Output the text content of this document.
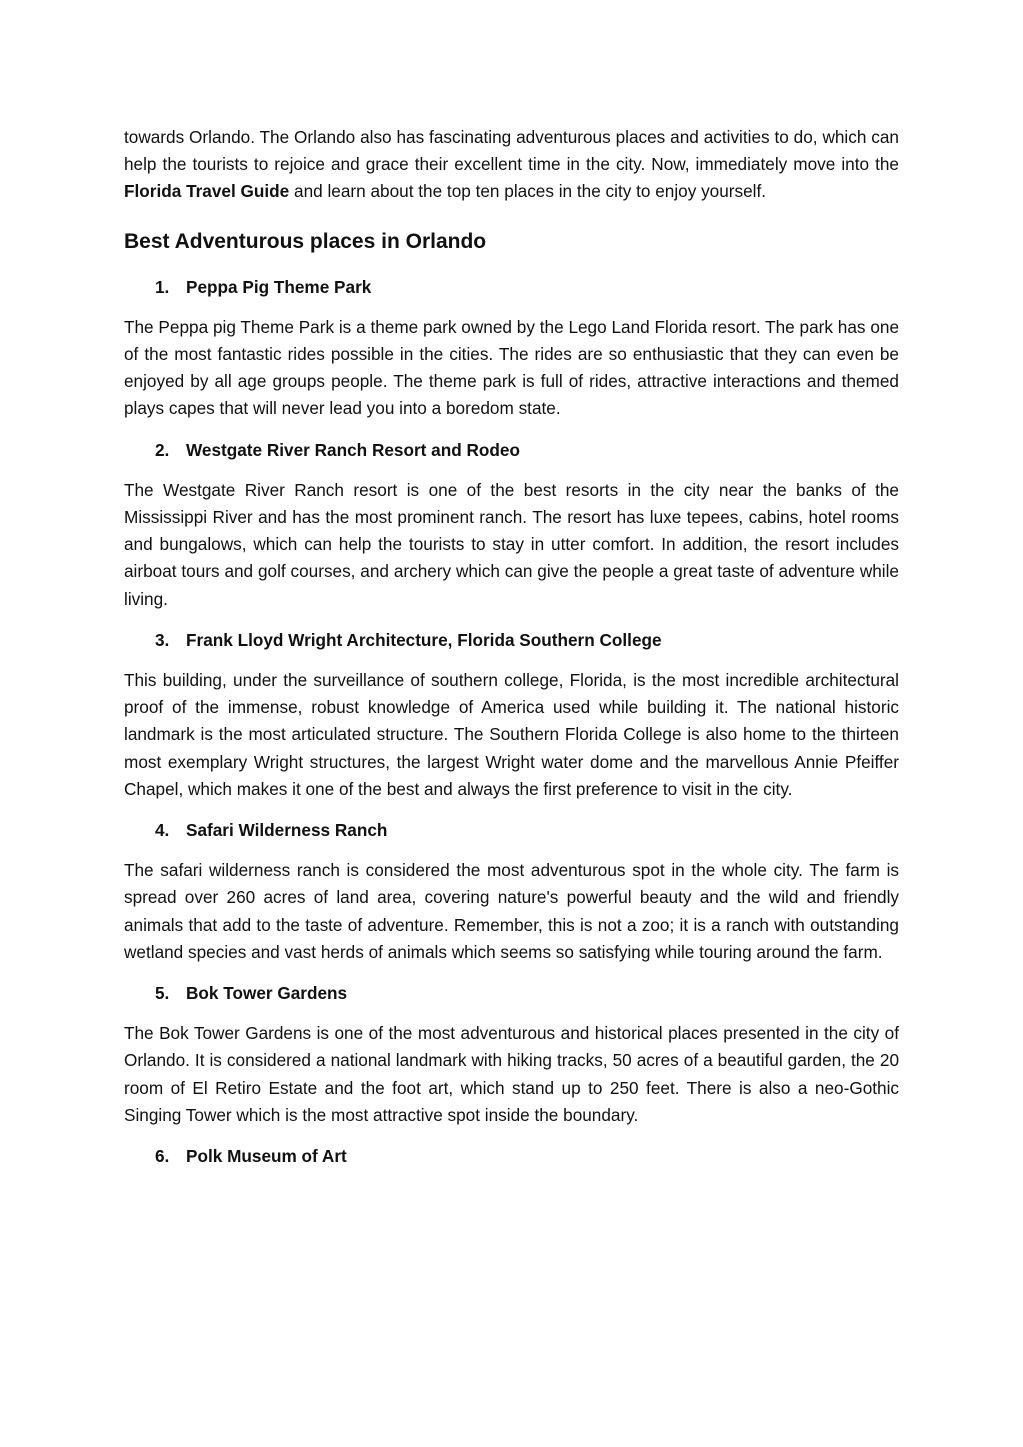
towards Orlando. The Orlando also has fascinating adventurous places and activities to do, which can help the tourists to rejoice and grace their excellent time in the city. Now, immediately move into the Florida Travel Guide and learn about the top ten places in the city to enjoy yourself.

Best Adventurous places in Orlando
1. Peppa Pig Theme Park

The Peppa pig Theme Park is a theme park owned by the Lego Land Florida resort. The park has one of the most fantastic rides possible in the cities. The rides are so enthusiastic that they can even be enjoyed by all age groups people. The theme park is full of rides, attractive interactions and themed plays capes that will never lead you into a boredom state.

2. Westgate River Ranch Resort and Rodeo

The Westgate River Ranch resort is one of the best resorts in the city near the banks of the Mississippi River and has the most prominent ranch. The resort has luxe tepees, cabins, hotel rooms and bungalows, which can help the tourists to stay in utter comfort. In addition, the resort includes airboat tours and golf courses, and archery which can give the people a great taste of adventure while living.

3. Frank Lloyd Wright Architecture, Florida Southern College

This building, under the surveillance of southern college, Florida, is the most incredible architectural proof of the immense, robust knowledge of America used while building it. The national historic landmark is the most articulated structure. The Southern Florida College is also home to the thirteen most exemplary Wright structures, the largest Wright water dome and the marvellous Annie Pfeiffer Chapel, which makes it one of the best and always the first preference to visit in the city.

4. Safari Wilderness Ranch

The safari wilderness ranch is considered the most adventurous spot in the whole city. The farm is spread over 260 acres of land area, covering nature's powerful beauty and the wild and friendly animals that add to the taste of adventure. Remember, this is not a zoo; it is a ranch with outstanding wetland species and vast herds of animals which seems so satisfying while touring around the farm.

5. Bok Tower Gardens

The Bok Tower Gardens is one of the most adventurous and historical places presented in the city of Orlando. It is considered a national landmark with hiking tracks, 50 acres of a beautiful garden, the 20 room of El Retiro Estate and the foot art, which stand up to 250 feet. There is also a neo-Gothic Singing Tower which is the most attractive spot inside the boundary.

6. Polk Museum of Art
